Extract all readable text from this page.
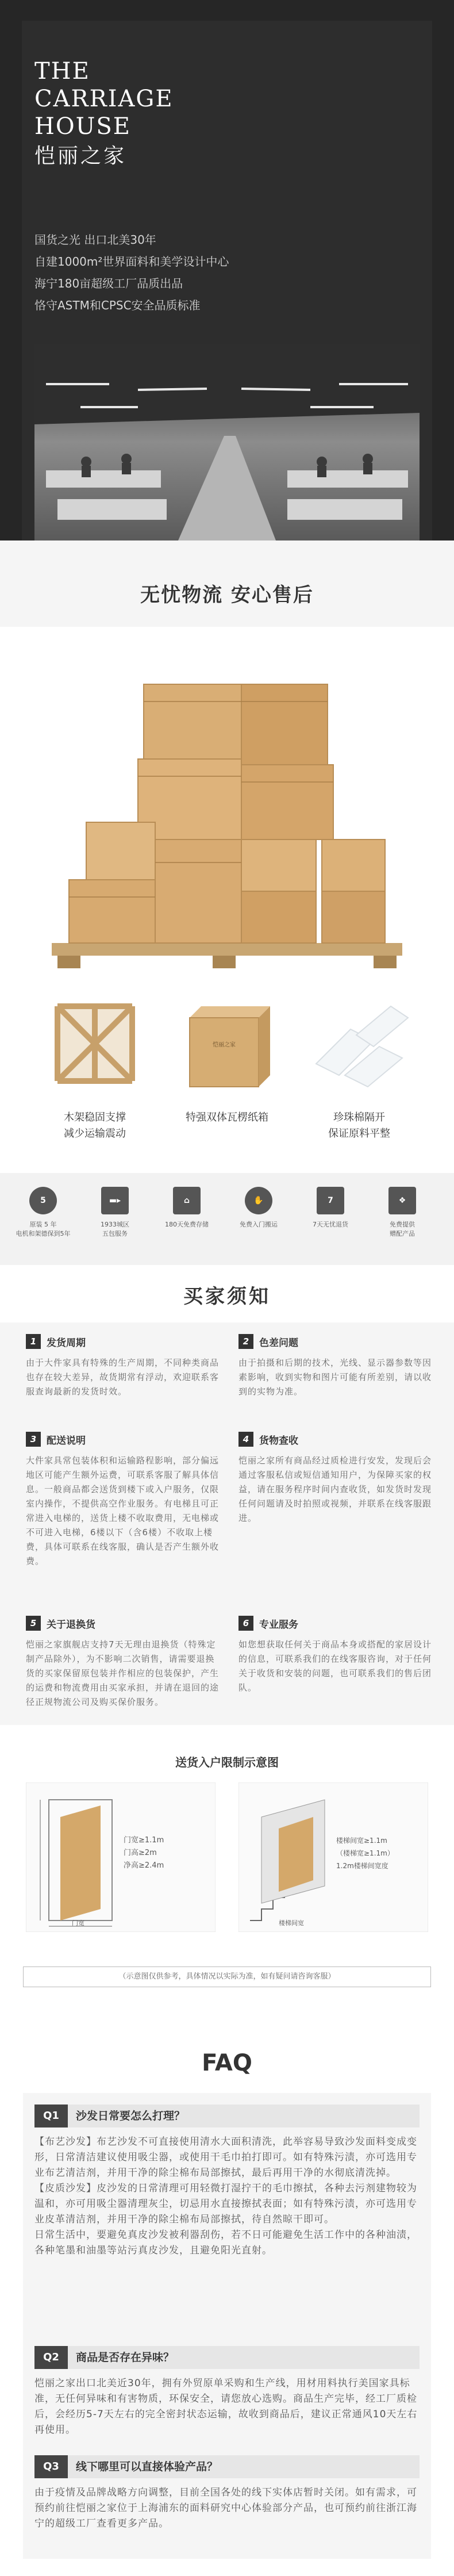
THE
CARRIAGE
HOUSE
恺丽之家
国货之光 出口北美30年
自建1000m²世界面料和美学设计中心
海宁180亩超级工厂品质出品
恪守ASTM和CPSC安全品质标准
无忧物流 安心售后
恺丽之家
木架稳固支撑
减少运输震动
特强双体瓦楞纸箱	珍珠棉隔开
保证原料平整
5
原装 5 年
电机和架德保到5年
▬▸
1933城区
五包服务
⌂
180天免费存储
✋
免费入门搬运
7
7天无忧退货
❖
免费提供
赠配产品
买家须知
1	发货周期
由于大件家具有特殊的生产周期，不同种类商品也存在较大差异，故货期常有浮动，欢迎联系客服查询最新的发货时效。
2	色差问题
由于拍摄和后期的技术，光线、显示器参数等因素影响，收到实物和图片可能有所差别，请以收到的实物为准。
3	配送说明
大件家具常包装体积和运输路程影响，部分偏远地区可能产生额外运费，可联系客服了解具体信息。一般商品都会送货到楼下或入户服务，仅限室内操作，不提供高空作业服务。有电梯且可正常进入电梯的，送货上楼不收取费用，无电梯或不可进入电梯，6楼以下（含6楼）不收取上楼费，具体可联系在线客服，确认是否产生额外收费。
4	货物查收
恺丽之家所有商品经过质检进行安发，发现后会通过客服私信或短信通知用户，为保障买家的权益，请在服务程序时间内查收货，如发货时发现任何问题请及时拍照或视频，并联系在线客服跟进。
5	关于退换货
恺丽之家旗舰店支持7天无理由退换货（特殊定制产品除外），为不影响二次销售，请需要退换货的买家保留原包装并作相应的包装保护，产生的运费和物流费用由买家承担，并请在退回的途径正规物流公司及购买保价服务。
6	专业服务
如您想获取任何关于商品本身或搭配的家居设计的信息，可联系我们的在线客服咨询，对于任何关于收货和安装的问题，也可联系我们的售后团队。
送货入户限制示意图
门宽
门宽≥1.1m
门高≥2m
净高≥2.4m
楼梯间宽≥1.1m
（楼梯宽≥1.1m）
1.2m楼梯间宽度
楼梯间宽
（示意图仅供参考，具体情况以实际为准，如有疑问请咨询客服）
FAQ
Q1	沙发日常要怎么打理？

【布艺沙发】布艺沙发不可直接使用清水大面积清洗，此举容易导致沙发面料变成变形，日常清洁建议使用吸尘器，或使用干毛巾拍打即可。如有特殊污渍，亦可选用专业布艺清洁剂，并用干净的除尘棉布局部擦拭，最后再用干净的水彻底清洗掉。

【皮质沙发】皮沙发的日常清理可用轻微打湿拧干的毛巾擦拭，各种去污剂建物较为温和，亦可用吸尘器清理灰尘，切忌用水直接擦拭表面；如有特殊污渍，亦可选用专业皮革清洁剂，并用干净的除尘棉布局部擦拭，待自然晾干即可。

日常生活中，要避免真皮沙发被利器刮伤，若不日可能避免生活工作中的各种油渍，各种笔墨和油墨等站污真皮沙发，且避免阳光直射。

Q2	商品是否存在异味？

恺丽之家出口北美近30年，拥有外贸原单采购和生产线，用材用料执行美国家具标准，无任何异味和有害物质，环保安全，请您放心选购。商品生产完毕，经工厂质检后，会经历5-7天左右的完全密封状态运输，故收到商品后，建议正常通风10天左右再使用。

Q3	线下哪里可以直接体验产品？

由于疫情及品牌战略方向调整，目前全国各处的线下实体店暂时关闭。如有需求，可预约前往恺丽之家位于上海浦东的面料研究中心体验部分产品，也可预约前往浙江海宁的超级工厂查看更多产品。
